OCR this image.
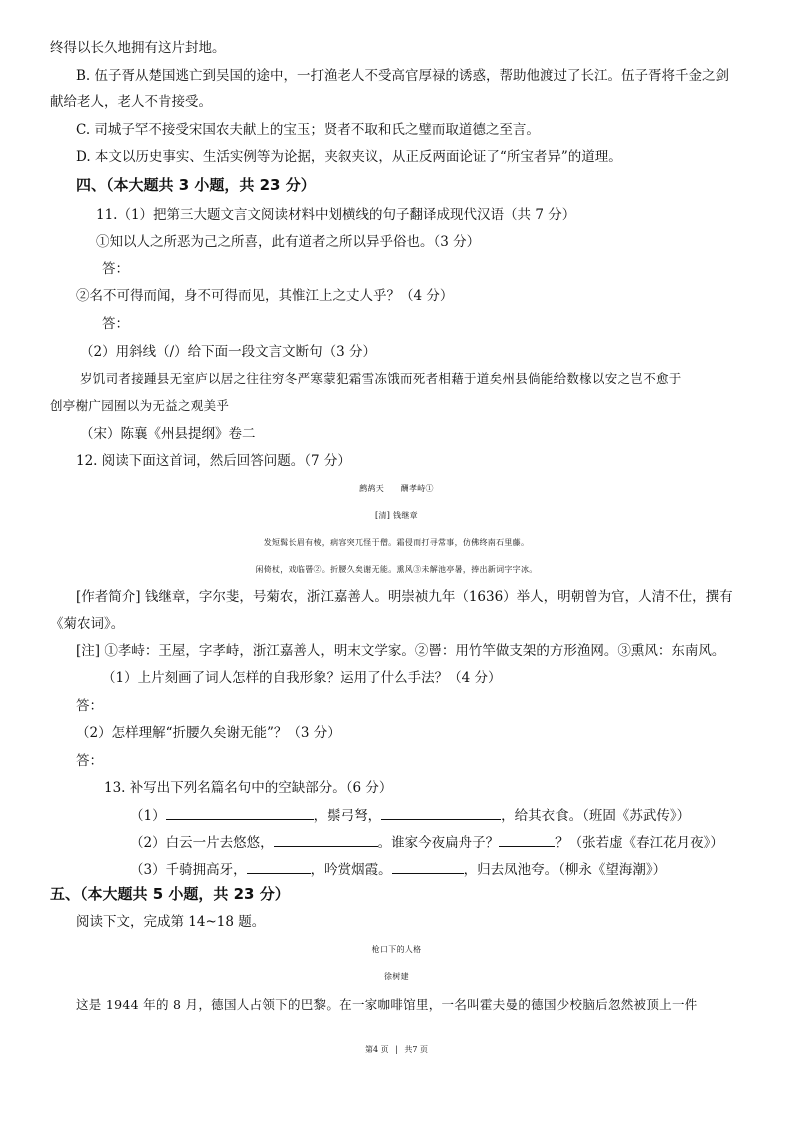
终得以长久地拥有这片封地。
B. 伍子胥从楚国逃亡到吴国的途中，一打渔老人不受高官厚禄的诱惑，帮助他渡过了长江。伍子胥将千金之剑
献给老人，老人不肯接受。
C. 司城子罕不接受宋国农夫献上的宝玉；贤者不取和氏之璧而取道德之至言。
D. 本文以历史事实、生活实例等为论据，夹叙夹议，从正反两面论证了“所宝者异”的道理。
四、（本大题共 3 小题，共 23 分）
11.（1）把第三大题文言文阅读材料中划横线的句子翻译成现代汉语（共 7 分）
①知以人之所恶为己之所喜，此有道者之所以异乎俗也。（3 分）
答：
②名不可得而闻，身不可得而见，其惟江上之丈人乎？（4 分）
答：
（2）用斜线（/）给下面一段文言文断句（3 分）
岁饥司者接踵县无室庐以居之往往穷冬严寒蒙犯霜雪冻饿而死者相藉于道矣州县倘能给数椽以安之岂不愈于
创亭榭广园囿以为无益之观美乎
（宋）陈襄《州县提纲》卷二
12. 阅读下面这首词，然后回答问题。（7 分）
鹧鸪天　　酬孝峙①
[清] 钱继章
发短髯长眉有棱，病容突兀怪于僧。霜侵而打寻常事，仿佛终南石里藤。
闲倚杖，戏临罾②。折腰久矣谢无能。熏风③未解池亭暑，捧出新词字字冰。
[作者简介] 钱继章，字尔斐，号菊农，浙江嘉善人。明崇祯九年（1636）举人，明朝曾为官，人清不仕，撰有
《菊农词》。
[注] ①孝峙：王屋，字孝峙，浙江嘉善人，明末文学家。②罾：用竹竿做支架的方形渔网。③熏风：东南风。
（1）上片刻画了词人怎样的自我形象？运用了什么手法？（4 分）
答：
（2）怎样理解“折腰久矣谢无能”？（3 分）
答：
13. 补写出下列名篇名句中的空缺部分。（6 分）
（1）	，鬃弓弩，	，给其衣食。（班固《苏武传》）
（2）白云一片去悠悠，	。谁家今夜扁舟子？	？（张若虚《春江花月夜》）
（3）千骑拥高牙，	，吟赏烟霞。	，归去凤池夸。（柳永《望海潮》）
五、（本大题共 5 小题，共 23 分）
阅读下文，完成第 14~18 题。
枪口下的人格
徐树建
这是 1944 年的 8 月，德国人占领下的巴黎。在一家咖啡馆里，一名叫霍夫曼的德国少校脑后忽然被顶上一件
第4 页 | 共7 页
